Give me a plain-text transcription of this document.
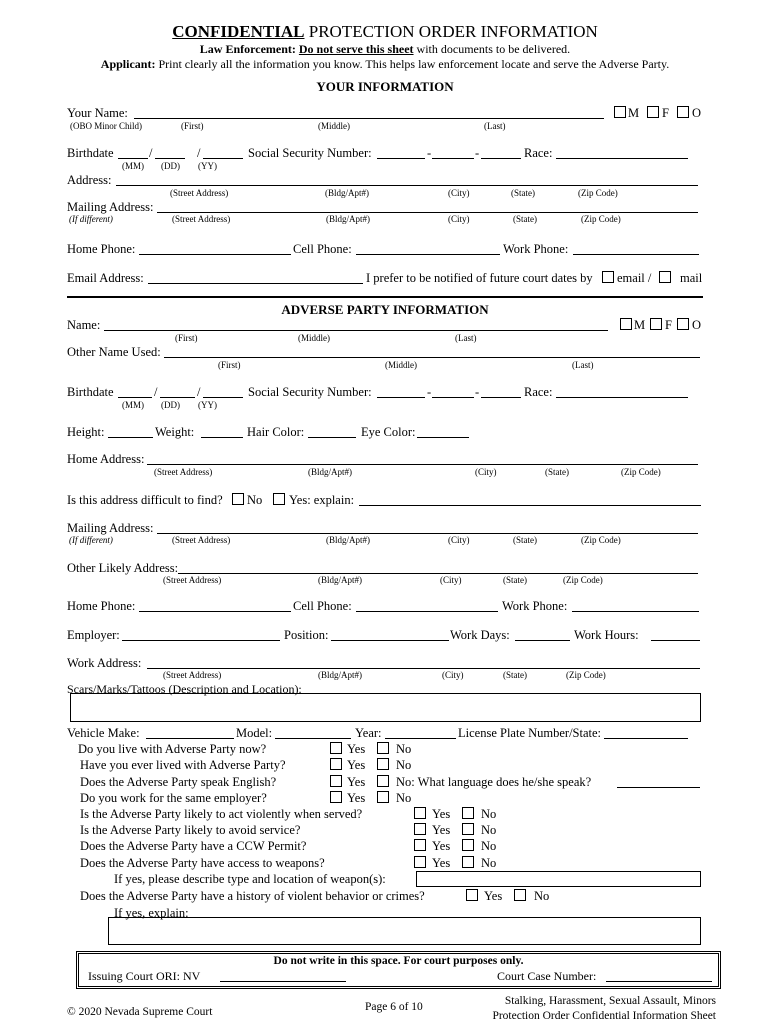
CONFIDENTIAL PROTECTION ORDER INFORMATION
Law Enforcement: Do not serve this sheet with documents to be delivered.
Applicant: Print clearly all the information you know. This helps law enforcement locate and serve the Adverse Party.
YOUR INFORMATION
Your Name:	M F O
(OBO Minor Child)	(First)	(Middle)	(Last)
Birthdate	/	/	Social Security Number:	-	-	Race:
(MM) (DD) (YY)
Address:
(Street Address)	(Bldg/Apt#)	(City)	(State)	(Zip Code)
Mailing Address:
(If different)	(Street Address)	(Bldg/Apt#)	(City)	(State)	(Zip Code)
Home Phone:	Cell Phone:	Work Phone:
Email Address:	I prefer to be notified of future court dates by email / mail
ADVERSE PARTY INFORMATION
Name:	M F O
(First)	(Middle)	(Last)
Other Name Used:
(First)	(Middle)	(Last)
Birthdate	/	/	Social Security Number:	-	-	Race:
(MM) (DD) (YY)
Height:	Weight:	Hair Color:	Eye Color:
Home Address:
(Street Address)	(Bldg/Apt#)	(City)	(State)	(Zip Code)
Is this address difficult to find? No Yes: explain:
Mailing Address:
(If different)	(Street Address)	(Bldg/Apt#)	(City)	(State)	(Zip Code)
Other Likely Address:
(Street Address)	(Bldg/Apt#)	(City)	(State)	(Zip Code)
Home Phone:	Cell Phone:	Work Phone:
Employer:	Position:	Work Days:	Work Hours:
Work Address:
(Street Address)	(Bldg/Apt#)	(City)	(State)	(Zip Code)
Scars/Marks/Tattoos (Description and Location):
Vehicle Make:	Model:	Year:	License Plate Number/State:
Do you live with Adverse Party now?	Yes No
Have you ever lived with Adverse Party?	Yes No
Does the Adverse Party speak English?	Yes No: What language does he/she speak?
Do you work for the same employer?	Yes No
Is the Adverse Party likely to act violently when served?	Yes No
Is the Adverse Party likely to avoid service?	Yes No
Does the Adverse Party have a CCW Permit?	Yes No
Does the Adverse Party have access to weapons?	Yes No
If yes, please describe type and location of weapon(s):
Does the Adverse Party have a history of violent behavior or crimes?	Yes	No
If yes, explain:
Do not write in this space. For court purposes only.
Issuing Court ORI: NV	Court Case Number:
© 2020 Nevada Supreme Court	Page 6 of 10	Stalking, Harassment, Sexual Assault, Minors
Protection Order Confidential Information Sheet
